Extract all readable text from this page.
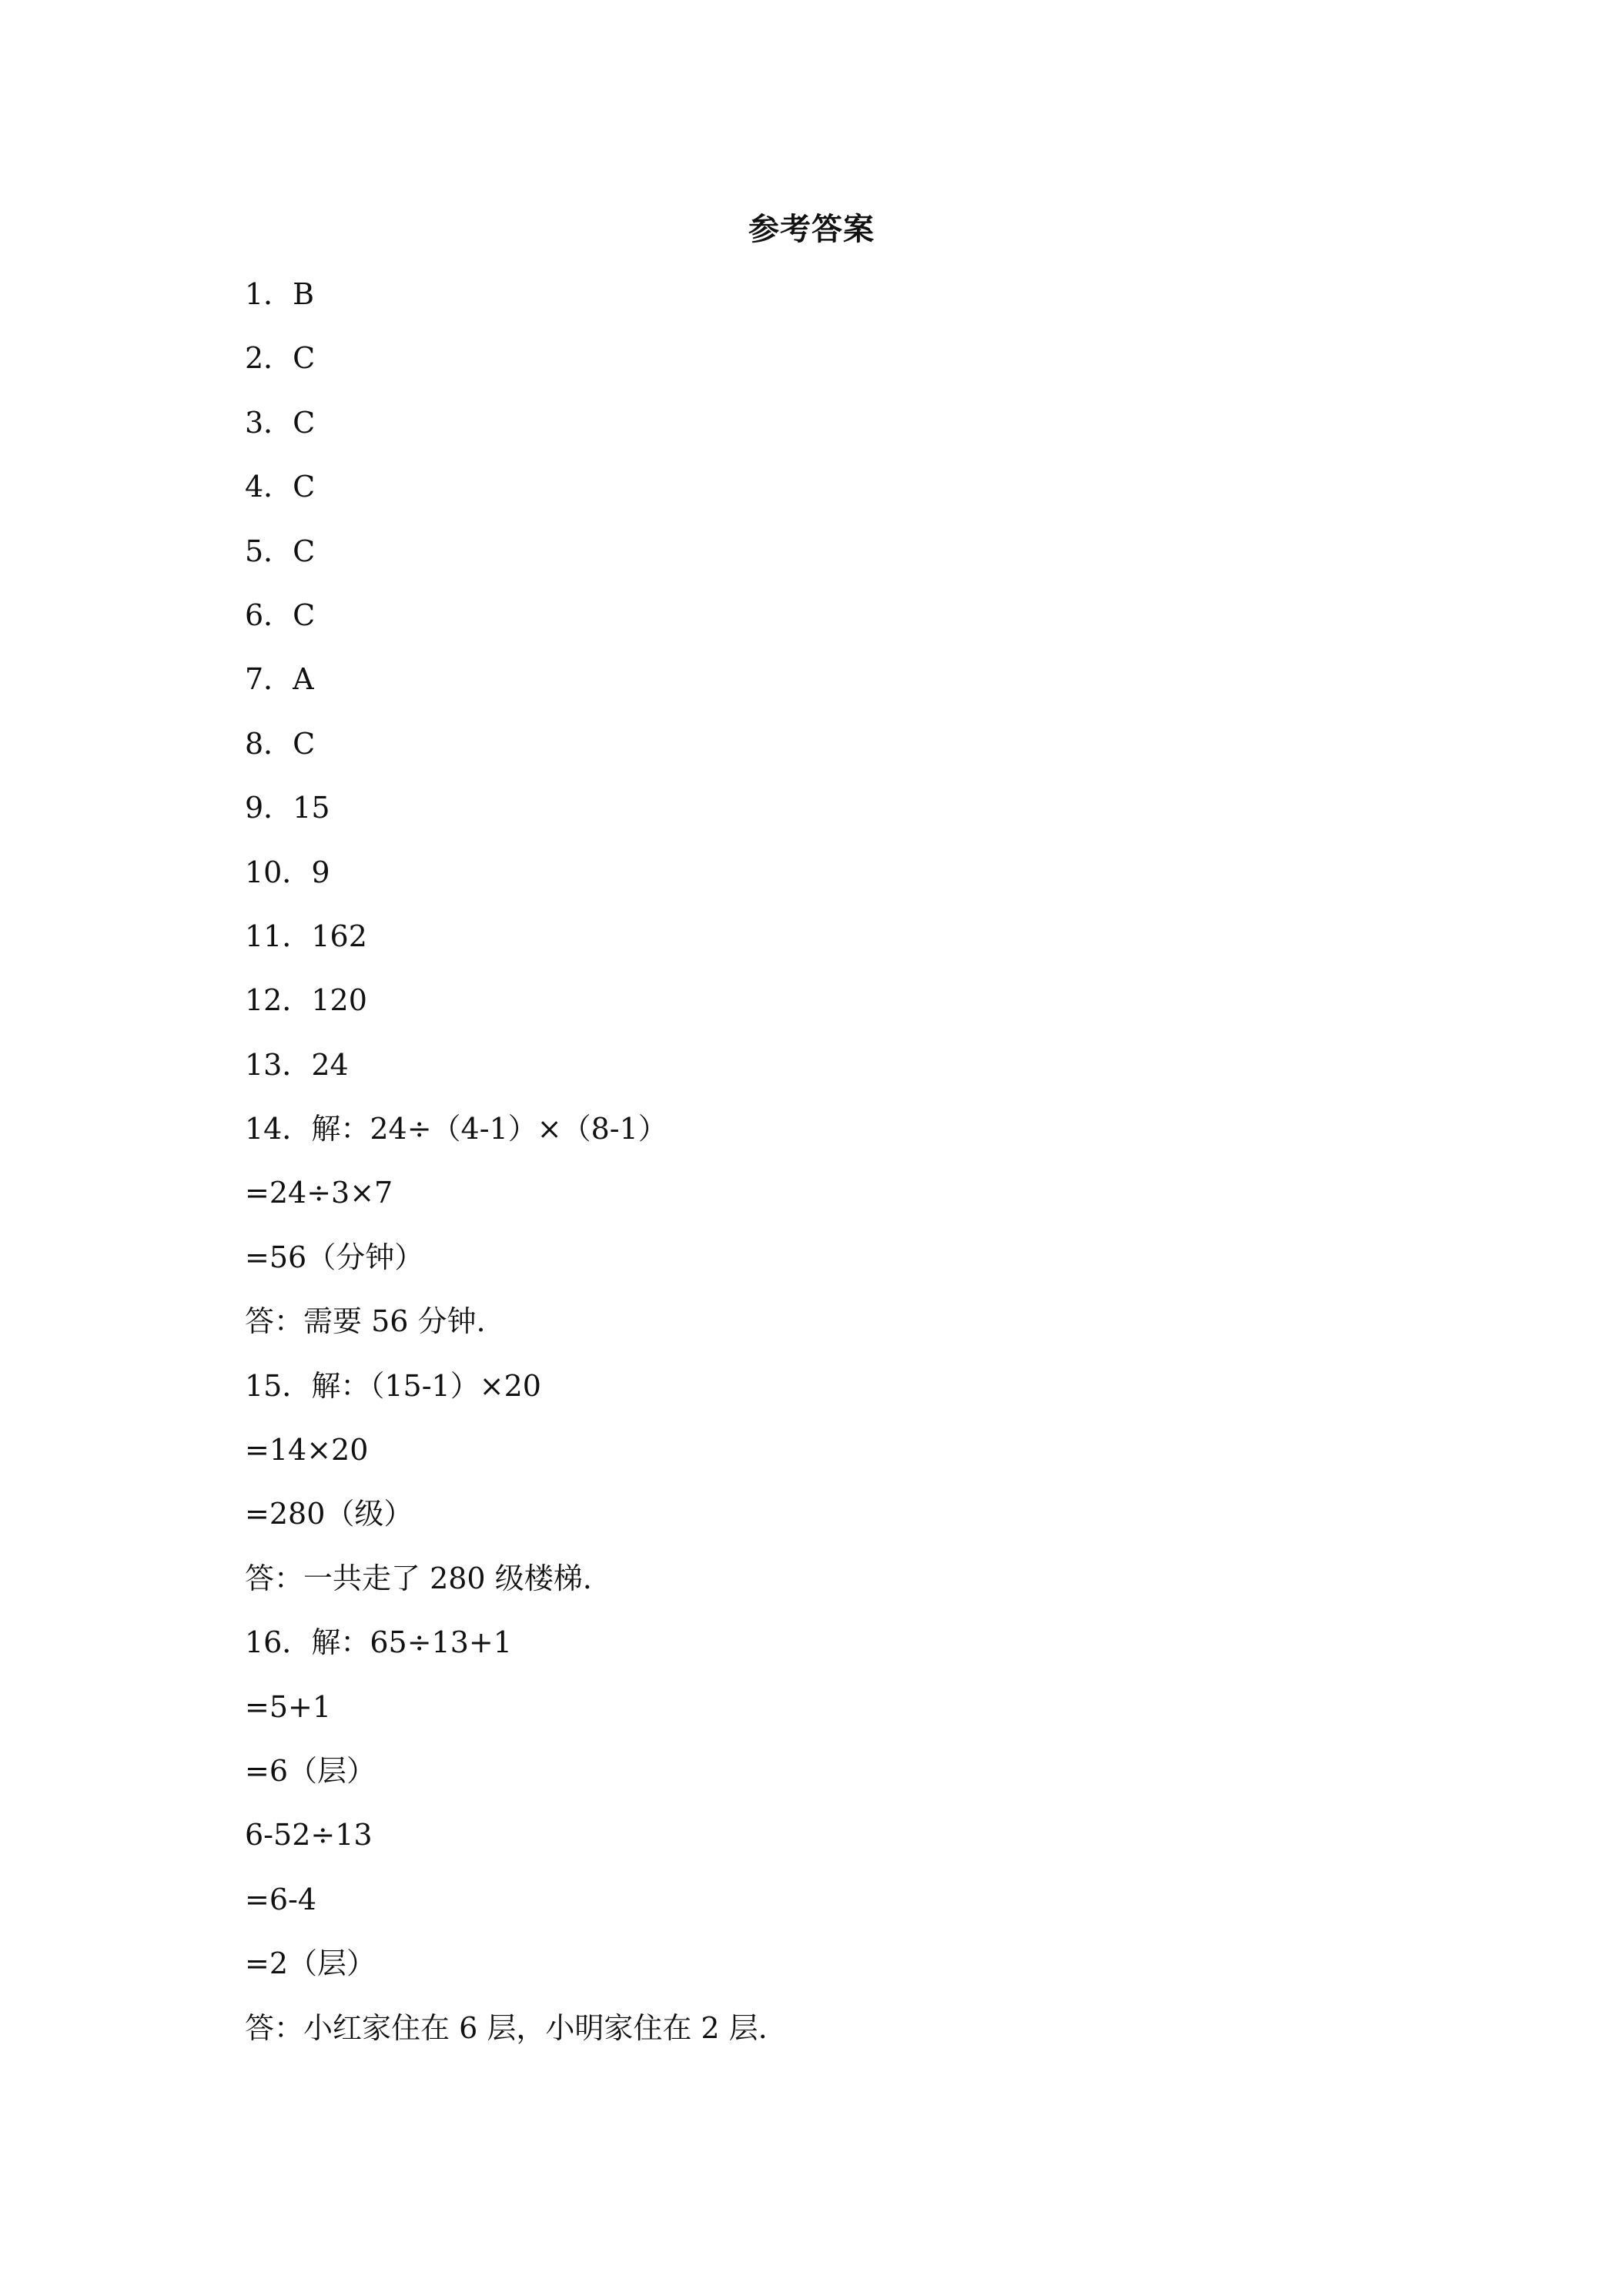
参考答案
1．B
2．C
3．C
4．C
5．C
6．C
7．A
8．C
9．15
10．9
11．162
12．120
13．24
14．解：24÷（4-1）×（8-1）
=24÷3×7
=56（分钟）
答：需要 56 分钟.
15．解：（15-1）×20
=14×20
=280（级）
答：一共走了 280 级楼梯.
16．解：65÷13+1
=5+1
=6（层）
6-52÷13
=6-4
=2（层）
答：小红家住在 6 层，小明家住在 2 层.
